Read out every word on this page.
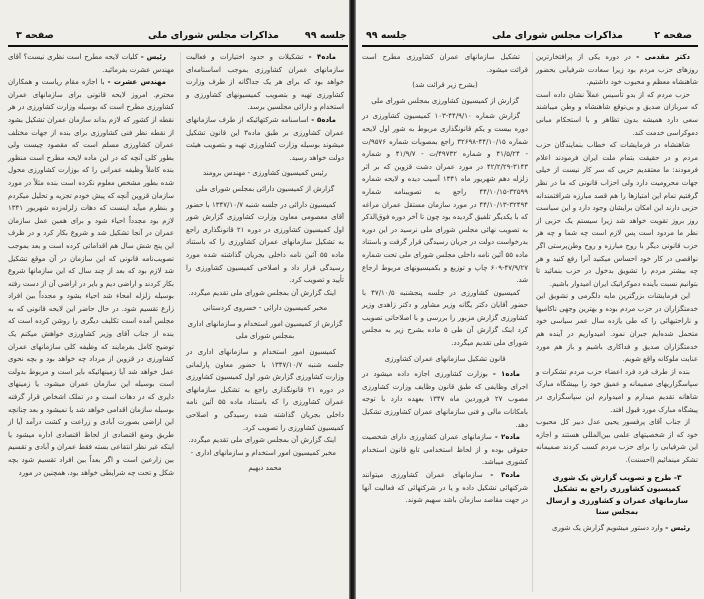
صفحه ۳	مذاکرات مجلس شورای ملی	جلسه ۹۹

رئیس - کلیات لایحه مطرح است نظری نیست؟ آقای مهندس عشرت بفرمائید.

مهندس عشرت - با اجازه مقام ریاست و همکاران محترم. امروز لایحه قانونی برای سازمانهای عمران کشاورزی مطرح است که بوسیله وزارت کشاورزی در هر نقطه از کشور که لازم بداند سازمان عمران تشکیل بشود از نقطه نظر فنی کشاورزی برای بنده از جهات مختلف عمران کشاورزی مسلم است که مقصود چیست ولی بطور کلی آنچه که در این ماده لایحه مطرح است منظور بنده کاملاً وظیفه عمرانی را که بوزارت کشاورزی محول شده بطور مشخص معلوم نکرده است بنده مثلاً در مورد سازمان قزوین آنچه که پیش خودم تجزیه و تحلیل میکردم و بنظرم میآید اینست که دهات زلزله‌زده شهریور ۱۳۴۱ لازم بود مجدداً احیاء شود و برای همین عمل سازمان عمران در آنجا تشکیل شد و شروع بکار کرد و در ظرف این پنج شش سال هم اقداماتی کرده است و بعد بموجب تصویب‌نامه قانونی که این سازمان در آن موقع تشکیل شد لازم بود که بعد از چند سال که این سازمانها شروع بکار کردند و اراضی دیم و بایر در اراضی آن از دست رفته بوسیله زلزله امحاء شد احیاء بشود و مجدداً بین افراد زارع تقسیم شود. در حال حاضر این لایحه قانونی که به مجلس آمده است تکلیف دیگری را روشن کرده است که بنده از جناب آقای وزیر کشاورزی خواهش میکنم یک توضیح کامل بفرمایند که وظیفه کلی سازمانهای عمران کشاورزی در قزوین از مرداد چه خواهد بود و بچه نحوی عمل خواهد شد آیا زمینهائیکه بایر است و مربوط بدولت است بوسیله این سازمان عمران میشود، یا زمینهای دایری که در دهات است و در تملک اشخاص قرار گرفته بوسیله سازمان اقدامی خواهد شد یا نمیشود و بعد چنانچه این اراضی بصورت آبادی و زراعت و کشت درآمد آیا از طریق وضع اقتصادی از لحاظ اقتصادی اداره میشود یا اینکه غیر نظر انتفاعی بسته فقط عمران و آبادی و تقسیم بین زارعین است و اگر بعداً بین افراد تقسیم شود بچه شکل و تحت چه شرایطی خواهد بود، همچنین در مورد

ماده۴ - تشکیلات و حدود اختیارات و فعالیت سازمانهای عمران کشاورزی بموجب اساسنامه‌ای خواهد بود که برای هر یک جداگانه از طرف وزارت کشاورزی تهیه و بتصویب کمیسیونهای کشاورزی و استخدام و دارائی مجلسین برسد.

ماده۵ - اساسنامه شرکتهائیکه از طرف سازمانهای عمران کشاورزی بر طبق ماده۳ این قانون تشکیل میشوند بوسیله وزارت کشاورزی تهیه و بتصویب هیئت دولت خواهد رسید.

رئیس کمیسیون کشاورزی - مهندس برومند

گزارش از کمیسیون دارائی بمجلس شورای ملی

کمیسیون دارائی در جلسه شنبه ۱۳۴۷/۱۰/۷ با حضور آقای معصومی معاون وزارت کشاورزی گزارش شور اول کمیسیون کشاورزی در دوره ۲۱ قانونگذاری راجع به تشکیل سازمانهای عمران کشاورزی را که باستناد ماده ۵۵ آئین نامه داخلی بجریان گذاشته شده مورد رسیدگی قرار داد و اصلاحی کمیسیون کشاورزی را تأیید و تصویب کرد.

اینک گزارش آن بمجلس شورای ملی تقدیم میگردد.

مخبر کمیسیون دارائی - خسروی کردستانی

گزارش از کمیسیون امور استخدام و سازمانهای اداری بمجلس شورای ملی

کمیسیون امور استخدام و سازمانهای اداری در جلسه شنبه ۱۳۴۷/۱۰/۷ با حضور معاون پارلمانی وزارت کشاورزی گزارش شور اول کمیسیون کشاورزی در دوره ۲۱ قانونگذاری راجع به تشکیل سازمانهای عمران کشاورزی را که باستناد ماده ۵۵ آئین نامه داخلی بجریان گذاشته شده رسیدگی و اصلاحی کمیسیون کشاورزی را تصویب کرد.

اینک گزارش آن بمجلس شورای ملی تقدیم میگردد.

مخبر کمیسیون امور استخدام و سازمانهای اداری -

محمد دبهیم

جلسه ۹۹	مذاکرات مجلس شورای ملی	صفحه ۲

تشکیل سازمانهای عمران کشاورزی مطرح است قرائت میشود.

(بشرح زیر قرائت شد)

گزارش از کمیسیون کشاورزی بمجلس شورای ملی

گزارش شماره ۴۴/۹/۱۰-۱۰۳ کمیسیون کشاورزی در دوره بیست و یکم قانونگذاری مربوط به شور اول لایحه شماره ۴۴/۱۰/۱۵-۳۲۶۹۸ راجع بمصوبات شماره ۹۵۷۶/ت - ۴۱/۵/۲۴ و شماره ۴۹۷۳۲/ت - ۴۱/۹/۷ و شماره ۳۱۴۳-۴۲/۲/۲۹ در مورد عمران دشت قزوین که بر اثر زلزله دهم شهریور ماه ۱۳۴۱ آسیب دیده و لایحه شماره ۳۲۵۹۹-۴۴/۱۰/۱۵ راجع به تصویبنامه شماره ۳۲۴۹۴-۴۴/۱۰/۱۳ در مورد سازمان مستقل عمران مراغه که با یکدیگر تلفیق گردیده بود چون تا آخر دوره فوق‌الذکر به تصویب نهائی مجلس شورای ملی نرسید در این دوره بدرخواست دولت در جریان رسیدگی قرار گرفت و باستناد ماده ۵۵ آئین نامه داخلی مجلس شورای ملی تحت شماره ۴۷/۹/۲۷-۶۰۹ چاپ و توزیع و بکمیسیونهای مربوط ارجاع شد.

کمیسیون کشاورزی در جلسه پنجشنبه ۴۷/۱۰/۵ با حضور آقایان دکتر یگانه وزیر مشاور و دکتر زاهدی وزیر کشاورزی گزارش مزبور را بررسی و با اصلاحاتی تصویب کرد اینک گزارش آن طی ۵ ماده بشرح زیر به مجلس شورای ملی تقدیم میگردد.

قانون تشکیل سازمانهای عمران کشاورزی

ماده۱ - بوزارت کشاورزی اجازه داده میشود در اجرای وظایفی که طبق قانون وظایف وزارت کشاورزی مصوب ۲۷ فروردین ماه ۱۳۴۷ بعهده دارد با توجه بامکانات مالی و فنی سازمانهای عمران کشاورزی تشکیل دهد.

ماده۲ - سازمانهای عمران کشاورزی دارای شخصیت حقوقی بوده و از لحاظ استخدامی تابع قانون استخدام کشوری میباشد.

ماده۳ - سازمانهای عمران کشاورزی میتوانند شرکتهائی تشکیل داده و یا در شرکتهائی که فعالیت آنها در جهت مقاصد سازمان باشد سهیم شوند.

دکتر مقدمی - در دوره یکی از پرافتخارترین روزهای حزب مردم بود زیرا سعادت شرفیابی بحضور شاهنشاه معظم و محبوب خود داشتیم.

حزب مردم که از بدو تأسیس عملاً نشان داده است که سربازان صدیق و بی‌توقع شاهنشاه و وطن میباشند سعی دارد همیشه بدون تظاهر و با استحکام مبانی دموکراسی خدمت کند.

شاهنشاه در فرمایشات که خطاب بنمایندگان حزب مردم و در حقیقت بتمام ملت ایران فرمودند اعلام فرمودند: ما معتقدیم حزبی که سر کار نیست از خیلی جهات محرومیت دارد ولی احزاب قانونی که ما در نظر گرفتیم تمام این امتیازها را هم قصد مبارزه شرافتمندانه حزبی دارند این امکان برایشان وجود دارد و این سیاست روز بروز تقویت خواهد شد زیرا سیستم یک حزبی از نظر ما مردود است پس لازم است چه شما و چه هر حزب قانونی دیگر با روح مبارزه و روح وطن‌پرستی اگر نواقصی در کار خود احساس میکنید آنرا رفع کنید و هر چه بیشتر مردم را تشویق بدخول در حزب بنمائید تا بتوانیم نسبت بآینده دموکراتیک ایران امیدوار باشیم.

این فرمایشات بزرگترین مایه دلگرمی و تشویق این خدمتگزاران در حزب مردم بوده و بهترین وجهی ناکامیها و ناراحتیهائی را که طی یازده سال عمر سیاسی خود متحمل شده‌ایم جبران نمود. امیدواریم در آینده هم خدمتگزاران صدیق و فداکاری باشیم و باز هم مورد عنایت ملوکانه واقع شویم.

بنده از طرف فرد فرد اعضاء حزب مردم تشکرات و سپاسگزاریهای صمیمانه و عمیق خود را بپیشگاه مبارک شاهانه تقدیم میدارم و امیدوارم این سپاسگزاری در پیشگاه مبارک مورد قبول افتد.

از جناب آقای پرفسور یحیی عدل دبیر کل محبوب خود که از شخصیتهای علمی بین‌المللی هستند و اجازه این شرفیابی را برای حزب مردم کسب کردند صمیمانه تشکر مینمائیم (احسنت).

۳- طرح و تصویب گزارش یک شوری کمیسیون کشاورزی راجع به تشکیل سازمانهای عمران و کشاورزی و ارسال بمجلس سنا

رئیس - وارد دستور میشویم گزارش یک شوری
